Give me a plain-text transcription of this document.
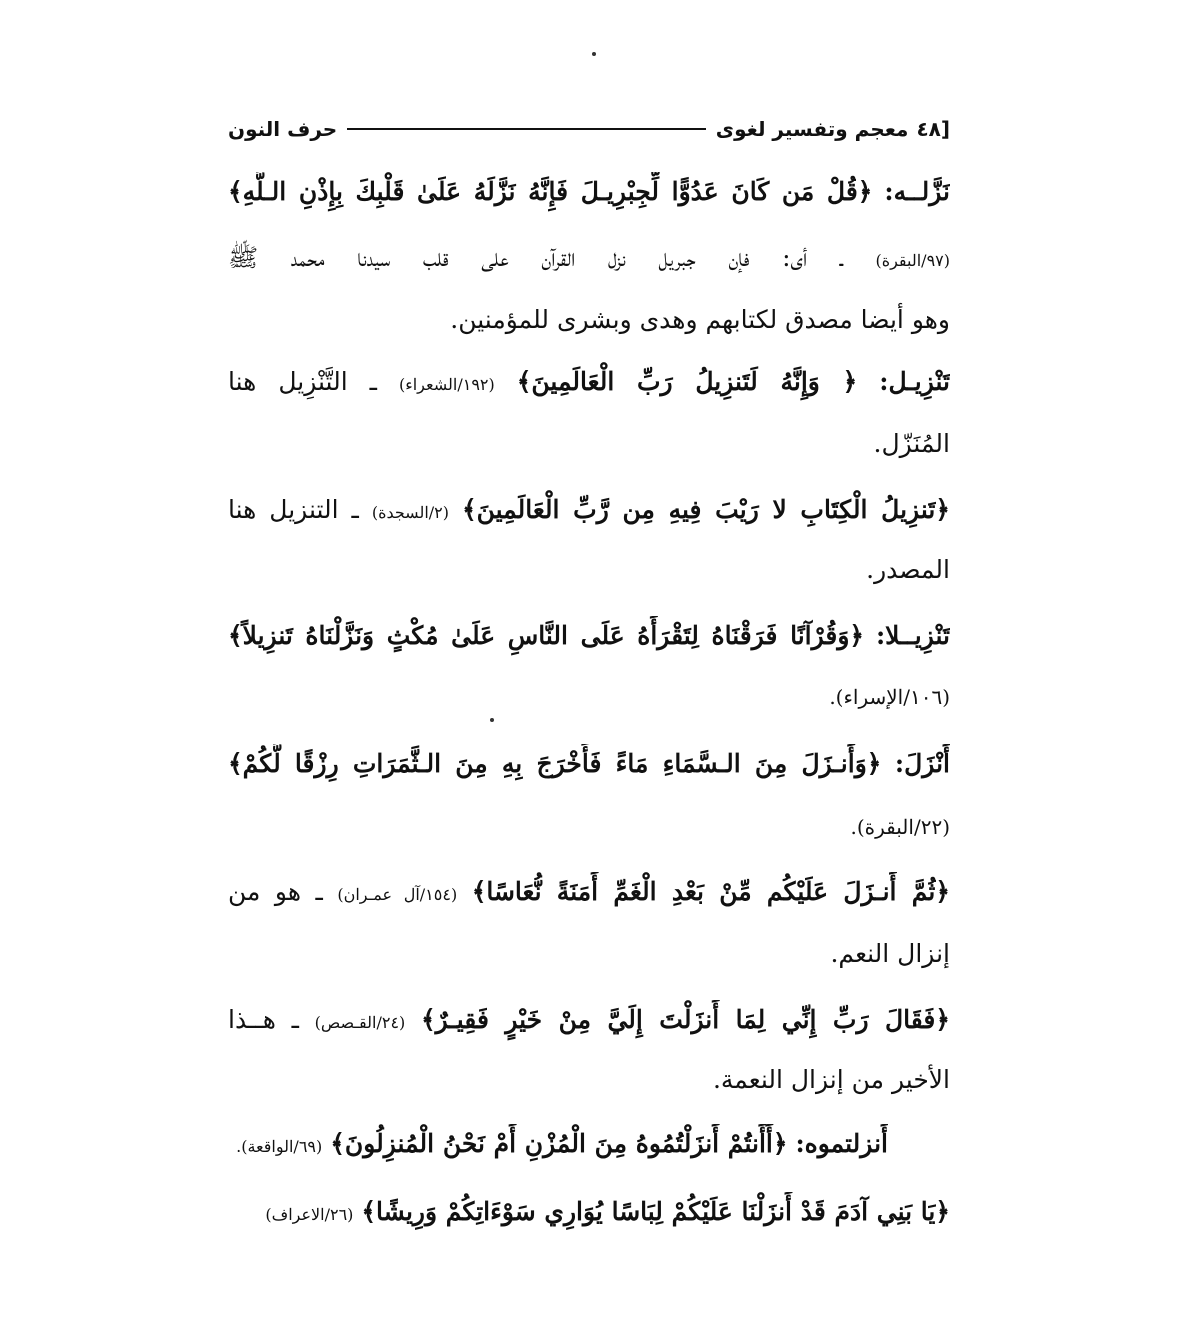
[٤٨
معجم وتفسير لغوى
حرف النون
نَزَّلــه: ﴿قُلْ مَن كَانَ عَدُوًّا لِّجِبْرِيـلَ فَإِنَّهُ نَزَّلَهُ عَلَىٰ قَلْبِكَ بِإِذْنِ الـلَّهِ﴾
(٩٧/البقرة) ـ أى: فإن جبريل نزل القرآن على قلب سيدنا محمد ﷺ
وهو أيضا مصدق لكتابهم وهدى وبشرى للمؤمنين.
تَنْزِيـل: ﴿ وَإِنَّهُ لَتَنزِيلُ رَبِّ الْعَالَمِينَ﴾ (١٩٢/الشعراء) ـ التَّنْزِيل هنا
المُنَزّل.
﴿تَنزِيلُ الْكِتَابِ لا رَيْبَ فِيهِ مِن رَّبِّ الْعَالَمِينَ﴾ (٢/السجدة) ـ التنزيل هنا
المصدر.
تَنْزِيــلا: ﴿وَقُرْآنًا فَرَقْنَاهُ لِتَقْرَأَهُ عَلَى النَّاسِ عَلَىٰ مُكْثٍ وَنَزَّلْنَاهُ تَنزِيلاً﴾
(١٠٦/الإسراء).
أَنْزَلَ: ﴿وَأَنـزَلَ مِنَ الـسَّمَاءِ مَاءً فَأَخْرَجَ بِهِ مِنَ الـثَّمَرَاتِ رِزْقًا لَّكُمْ﴾
(٢٢/البقرة).
﴿ثُمَّ أَنـزَلَ عَلَيْكُم مِّنْ بَعْدِ الْغَمِّ أَمَنَةً نُّعَاسًا﴾ (١٥٤/آل عمـران) ـ هو من
إنزال النعم.
﴿فَقَالَ رَبِّ إِنِّي لِمَا أَنزَلْتَ إِلَيَّ مِنْ خَيْرٍ فَقِيـرٌ﴾ (٢٤/القـصص) ـ هــذا
الأخير من إنزال النعمة.
أَنزلتموه: ﴿أَأَنتُمْ أَنزَلْتُمُوهُ مِنَ الْمُزْنِ أَمْ نَحْنُ الْمُنزِلُونَ﴾ (٦٩/الواقعة).
﴿يَا بَنِي آدَمَ قَدْ أَنزَلْنَا عَلَيْكُمْ لِبَاسًا يُوَارِي سَوْءَاتِكُمْ وَرِيشًا﴾ (٢٦/الاعراف)
